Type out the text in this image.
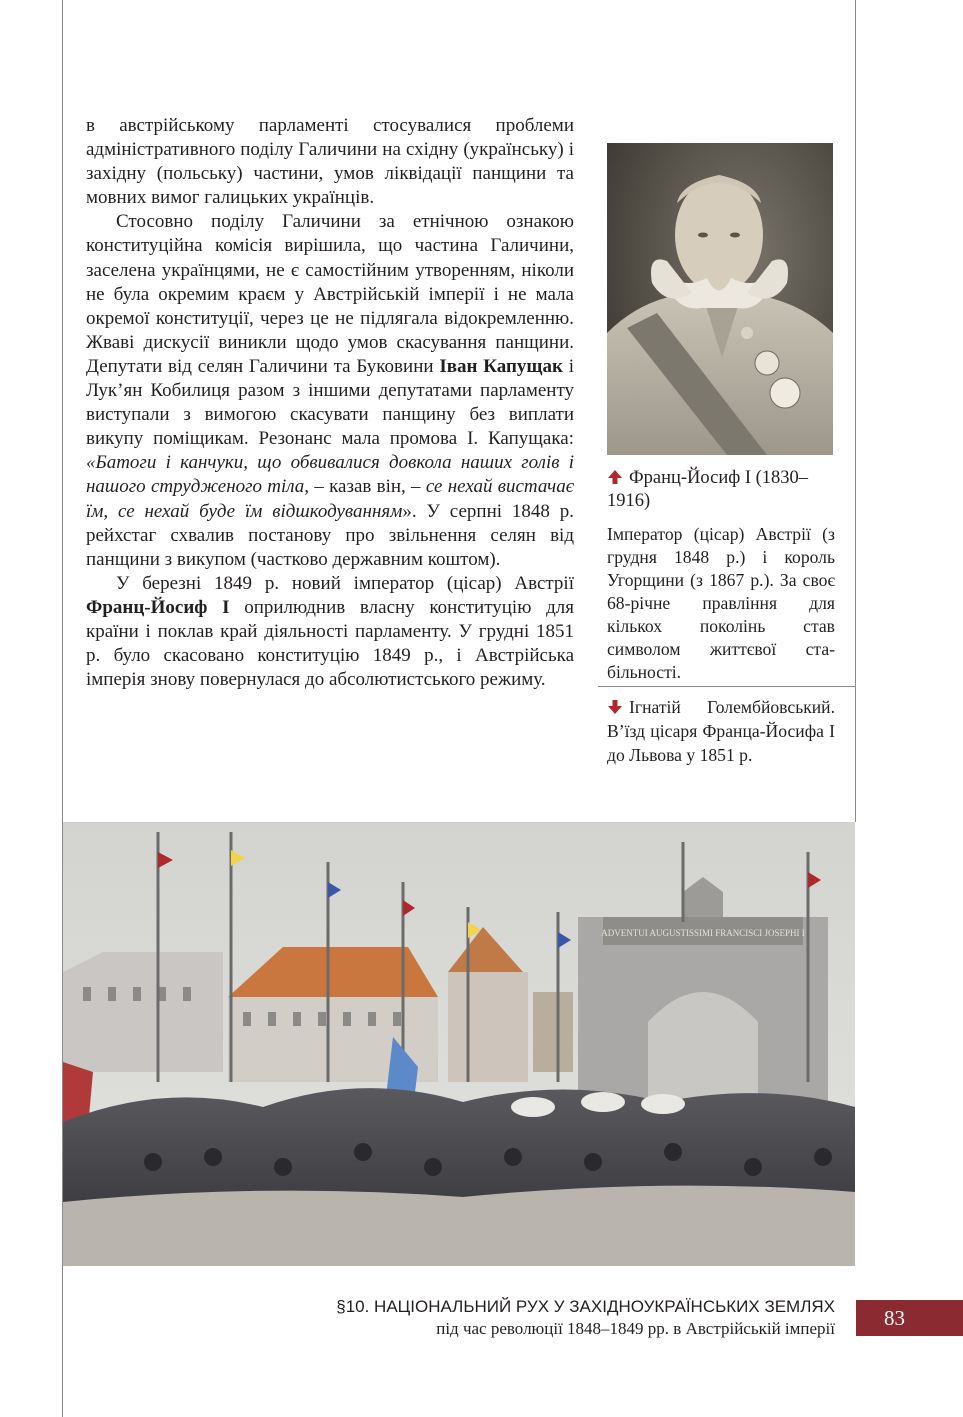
в австрійському парламенті стосувалися проблеми адміністративного поділу Галичини на східну (українську) і західну (польську) частини, умов ліквідації панщини та мовних вимог галицьких українців.

Стосовно поділу Галичини за етнічною ознакою конституційна комісія вирішила, що частина Галичини, заселена українцями, не є самостійним утворенням, ніколи не була окремим краєм у Австрійській імперії і не мала окремої конституції, через це не підлягала відокремленню. Жваві дискусії виникли щодо умов скасування панщини. Депутати від селян Галичини та Буковини Іван Капущак і Лук’ян Кобилиця разом з іншими депутатами парламенту виступали з вимогою скасувати панщину без виплати викупу поміщикам. Резонанс мала промова І. Капущака: «Батоги і канчуки, що обвивалися довкола наших голів і нашого струдженого тіла, – казав він, – се нехай вистачає їм, се нехай буде їм відшкодуванням». У серпні 1848 р. рейхстаг схвалив постанову про звільнення селян від панщини з викупом (частково державним коштом).

У березні 1849 р. новий імператор (цісар) Австрії Франц-Йосиф I оприлюднив власну конституцію для країни і поклав край діяльності парламенту. У грудні 1851 р. було скасовано конституцію 1849 р., і Австрійська імперія знову повернулася до абсолютистського режиму.

Франц-Йосиф I (1830–1916)
Імператор (цісар) Австрії (з грудня 1848 р.) і король Угорщини (з 1867 р.). За своє 68-річне правління для кількох поколінь став символом життєвої стабільності.
Ігнатій Голембйовський. В’їзд цісаря Франца-Йосифа I до Львова у 1851 р.
ADVENTUI AUGUSTISSIMI FRANCISCI JOSEPHI I
§10. НАЦІОНАЛЬНИЙ РУХ У ЗАХІДНОУКРАЇНСЬКИХ ЗЕМЛЯХ
під час революції 1848–1849 рр. в Австрійській імперії	83
